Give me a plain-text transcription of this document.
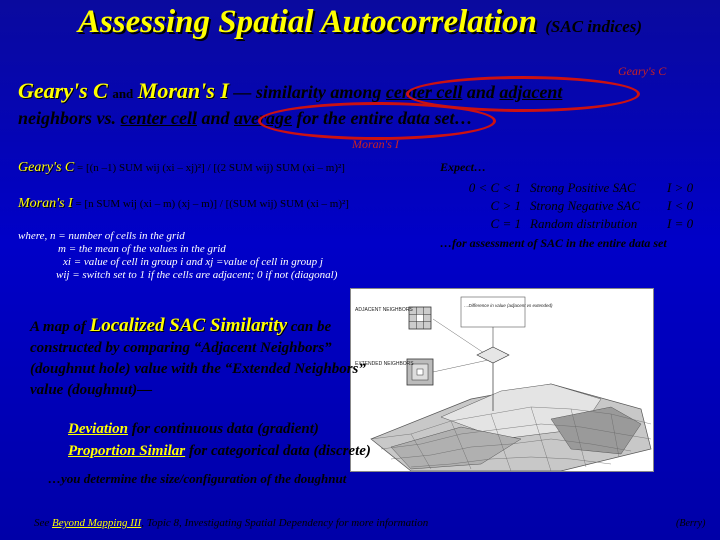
Assessing Spatial Autocorrelation (SAC indices)
Geary's C
Geary's C and Moran's I — similarity among center cell and adjacent
neighbors vs. center cell and average for the entire data set…
Moran's I
Geary's C = [(n –1) SUM wij (xi – xj)²] / [(2 SUM wij) SUM (xi – m)²]
Moran's I = [n SUM wij (xi – m) (xj – m)] / [(SUM wij) SUM (xi – m)²]
where, n = number of cells in the grid
m = the mean of the values in the grid
xi = value of cell in group i and xj =value of cell in group j
wij = switch set to 1 if the cells are adjacent; 0 if not (diagonal)
Expect…
0 < C < 1	Strong Positive SAC	I > 0
C > 1	Strong Negative SAC	I < 0
C = 1	Random distribution	I = 0
…for assessment of SAC in the entire data set
ADJACENT NEIGHBORS
EXTENDED NEIGHBORS
…Difference in value (adjacent vs extended)
A map of Localized SAC Similarity can be
constructed by comparing “Adjacent Neighbors”
(doughnut hole) value with the “Extended Neighbors”
value (doughnut)—
Deviation for continuous data (gradient)
Proportion Similar for categorical data (discrete)
…you determine the size/configuration of the doughnut
See Beyond Mapping III, Topic 8, Investigating Spatial Dependency for more information	(Berry)
